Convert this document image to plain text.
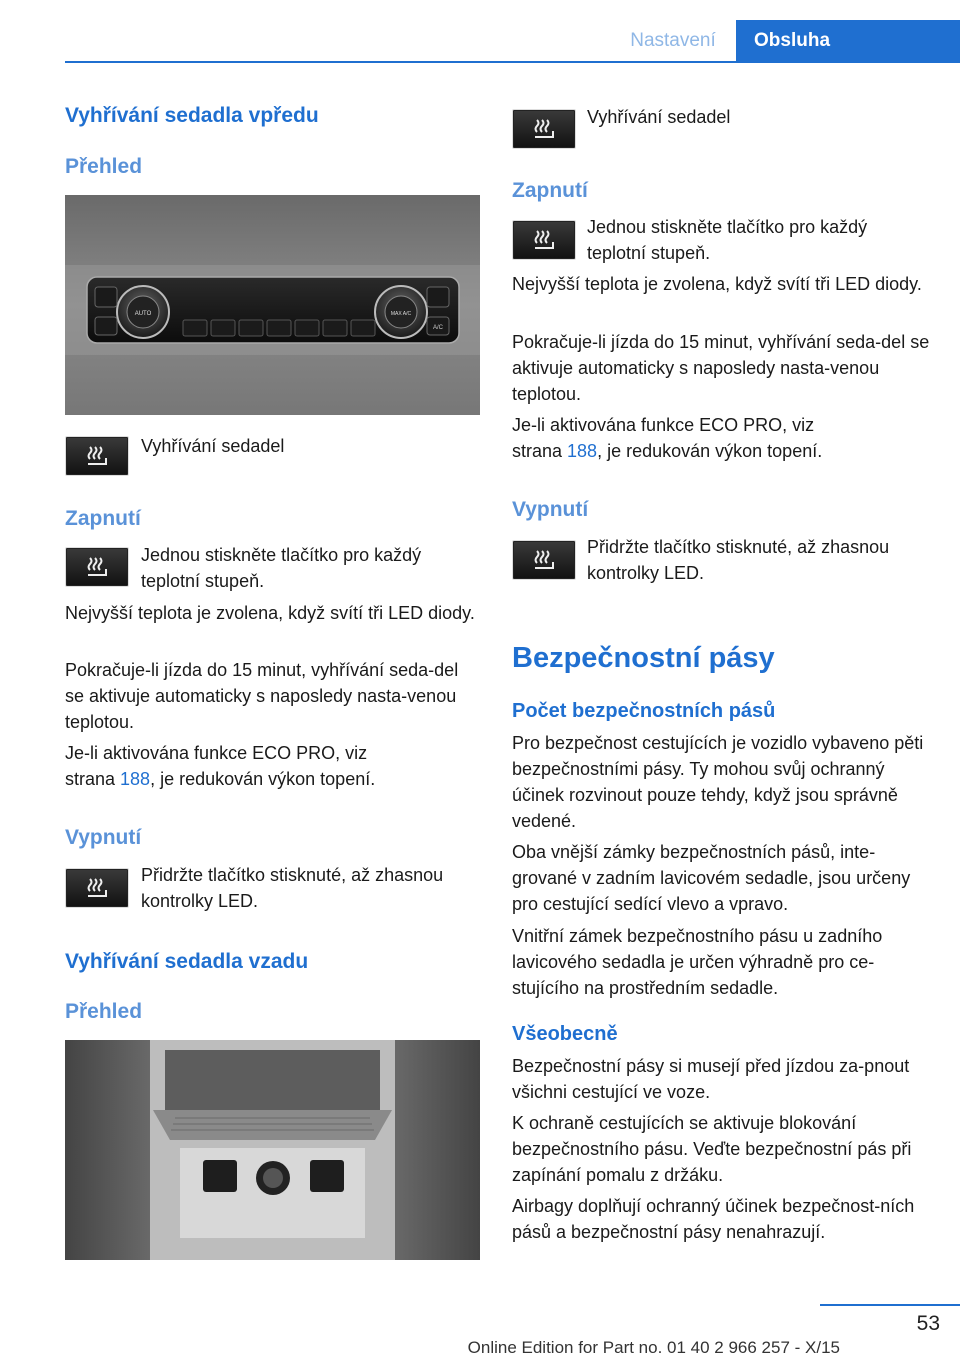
Nastavení	Obsluha
Vyhřívání sedadla vpředu
Přehled
AUTO	MAX A/C
A/C
Vyhřívání sedadel
Zapnutí
Jednou stiskněte tlačítko pro každý teplotní stupeň.
Nejvyšší teplota je zvolena, když svítí tři LED diody.
Pokračuje-li jízda do 15 minut, vyhřívání seda-del se aktivuje automaticky s naposledy nasta-venou teplotou.
Je-li aktivována funkce ECO PRO, viz
strana 188, je redukován výkon topení.
Vypnutí
Přidržte tlačítko stisknuté, až zhasnou kontrolky LED.
Vyhřívání sedadla vzadu
Přehled
Vyhřívání sedadel
Zapnutí
Jednou stiskněte tlačítko pro každý teplotní stupeň.
Nejvyšší teplota je zvolena, když svítí tři LED diody.
Pokračuje-li jízda do 15 minut, vyhřívání seda-del se aktivuje automaticky s naposledy nasta-venou teplotou.
Je-li aktivována funkce ECO PRO, viz
strana 188, je redukován výkon topení.
Vypnutí
Přidržte tlačítko stisknuté, až zhasnou kontrolky LED.
Bezpečnostní pásy
Počet bezpečnostních pásů
Pro bezpečnost cestujících je vozidlo vybaveno pěti bezpečnostními pásy. Ty mohou svůj ochranný účinek rozvinout pouze tehdy, když jsou správně vedené.
Oba vnější zámky bezpečnostních pásů, inte-grované v zadním lavicovém sedadle, jsou určeny pro cestující sedící vlevo a vpravo.
Vnitřní zámek bezpečnostního pásu u zadního lavicového sedadla je určen výhradně pro ce-stujícího na prostředním sedadle.
Všeobecně
Bezpečnostní pásy si musejí před jízdou za-pnout všichni cestující ve voze.
K ochraně cestujících se aktivuje blokování bezpečnostního pásu. Veďte bezpečnostní pás při zapínání pomalu z držáku.
Airbagy doplňují ochranný účinek bezpečnost-ních pásů a bezpečnostní pásy nenahrazují.
53
Online Edition for Part no. 01 40 2 966 257 - X/15
